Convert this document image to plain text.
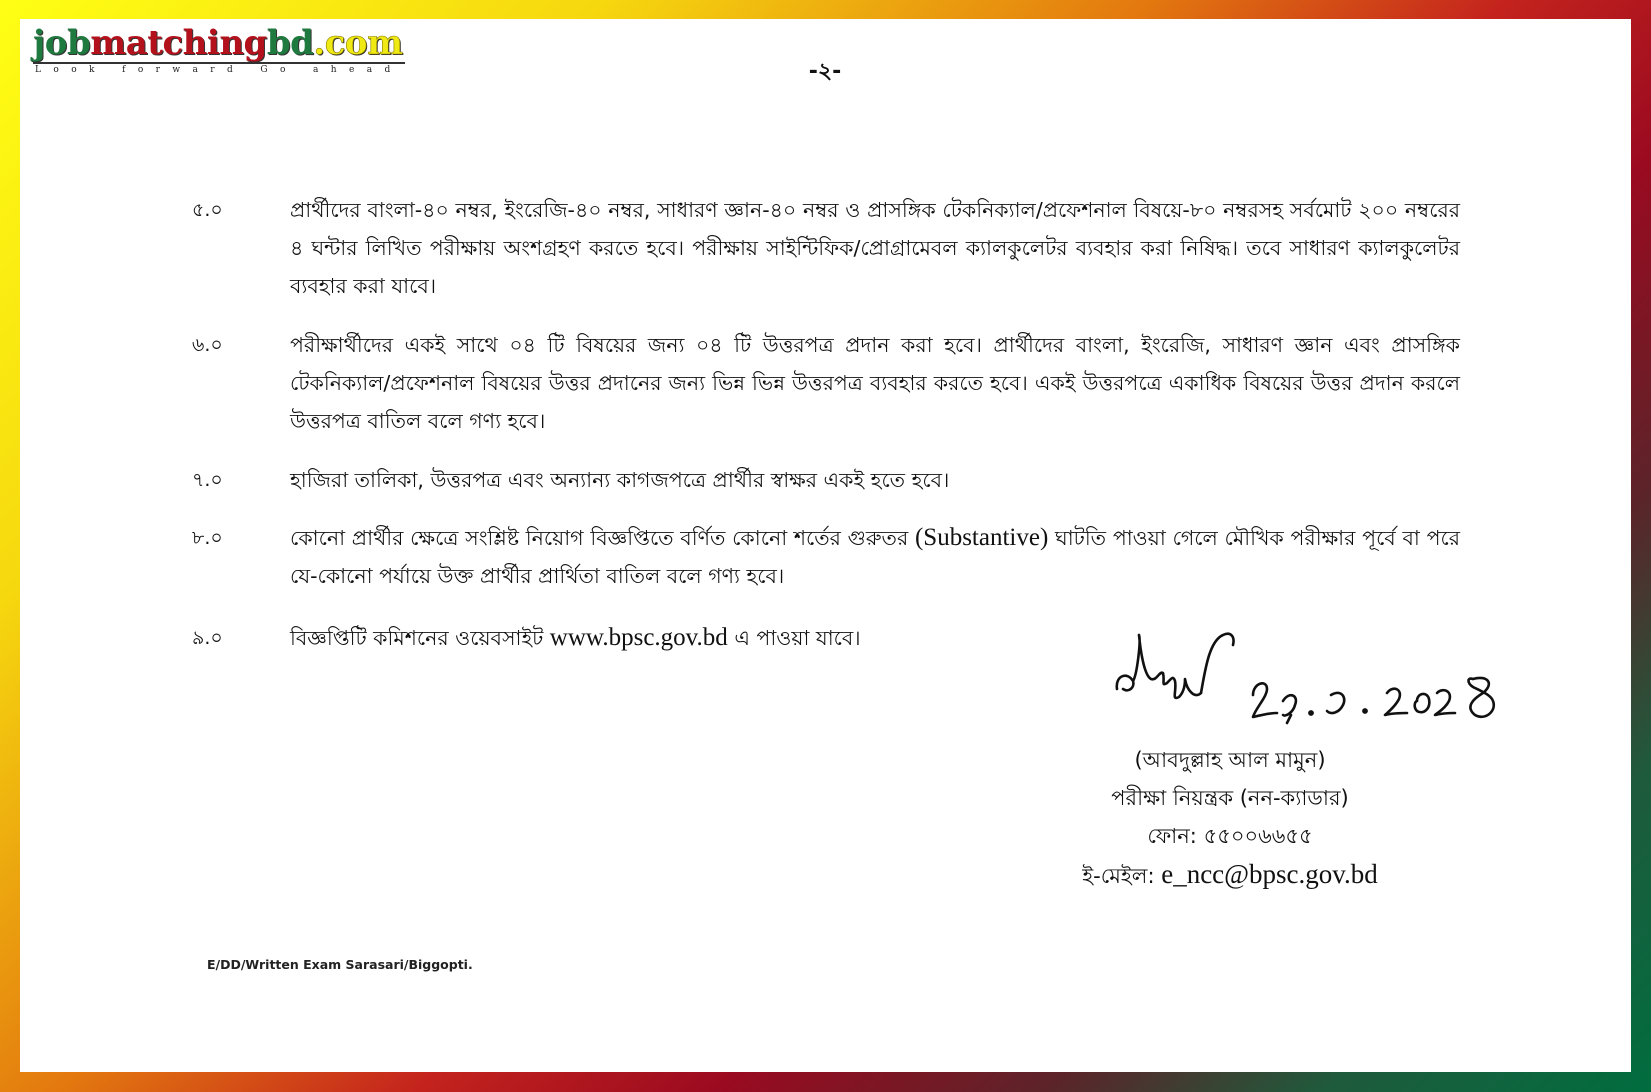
jobmatchingbd.com
Look forward Go ahead	-২-
৫.০	প্রার্থীদের বাংলা-৪০ নম্বর, ইংরেজি-৪০ নম্বর, সাধারণ জ্ঞান-৪০ নম্বর ও প্রাসঙ্গিক টেকনিক্যাল/প্রফেশনাল বিষয়ে-৮০ নম্বরসহ সর্বমোট ২০০ নম্বরের ৪ ঘন্টার লিখিত পরীক্ষায় অংশগ্রহণ করতে হবে। পরীক্ষায় সাইন্টিফিক/প্রোগ্রামেবল ক্যালকুলেটর ব্যবহার করা নিষিদ্ধ। তবে সাধারণ ক্যালকুলেটর ব্যবহার করা যাবে।
৬.০	পরীক্ষার্থীদের একই সাথে ০৪ টি বিষয়ের জন্য ০৪ টি উত্তরপত্র প্রদান করা হবে। প্রার্থীদের বাংলা, ইংরেজি, সাধারণ জ্ঞান এবং প্রাসঙ্গিক টেকনিক্যাল/প্রফেশনাল বিষয়ের উত্তর প্রদানের জন্য ভিন্ন ভিন্ন উত্তরপত্র ব্যবহার করতে হবে। একই উত্তরপত্রে একাধিক বিষয়ের উত্তর প্রদান করলে উত্তরপত্র বাতিল বলে গণ্য হবে।
৭.০	হাজিরা তালিকা, উত্তরপত্র এবং অন্যান্য কাগজপত্রে প্রার্থীর স্বাক্ষর একই হতে হবে।
৮.০	কোনো প্রার্থীর ক্ষেত্রে সংশ্লিষ্ট নিয়োগ বিজ্ঞপ্তিতে বর্ণিত কোনো শর্তের গুরুতর (Substantive) ঘাটতি পাওয়া গেলে মৌখিক পরীক্ষার পূর্বে বা পরে যে-কোনো পর্যায়ে উক্ত প্রার্থীর প্রার্থিতা বাতিল বলে গণ্য হবে।
৯.০	বিজ্ঞপ্তিটি কমিশনের ওয়েবসাইট www.bpsc.gov.bd এ পাওয়া যাবে।
(আবদুল্লাহ আল মামুন)
পরীক্ষা নিয়ন্ত্রক (নন-ক্যাডার)
ফোন: ৫৫০০৬৬৫৫
ই-মেইল: e_ncc@bpsc.gov.bd
E/DD/Written Exam Sarasari/Biggopti.
